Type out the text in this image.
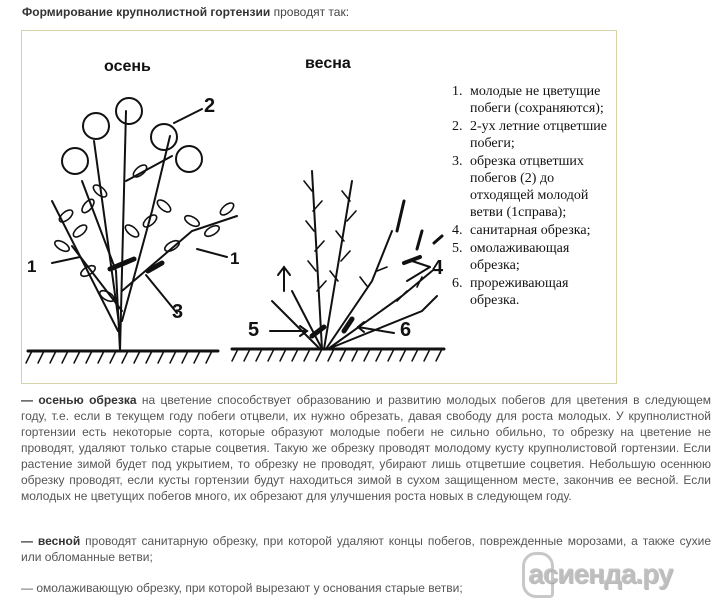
Формирование крупнолистной гортензии проводят так:
осень	весна
1
2
3
1	4
5	6
1. молодые не цветущие побеги (сохраняются);
2. 2-ух летние отцветшие побеги;
3. обрезка отцветших побегов (2) до отходящей молодой ветви (1справа);
4. санитарная обрезка;
5. омолаживающая обрезка;
6. прореживающая обрезка.

— осенью обрезка на цветение способствует образованию и развитию молодых побегов для цветения в следующем году, т.е. если в текущем году побеги отцвели, их нужно обрезать, давая свободу для роста молодых. У крупнолистной гортензии есть некоторые сорта, которые образуют молодые побеги не сильно обильно, то обрезку на цветение не проводят, удаляют только старые соцветия. Такую же обрезку проводят молодому кусту крупнолистовой гортензии. Если растение зимой будет под укрытием, то обрезку не проводят, убирают лишь отцветшие соцветия. Небольшую осеннюю обрезку проводят, если кусты гортензии будут находиться зимой в сухом защищенном месте, закончив ее весной. Если молодых не цветущих побегов много, их обрезают для улучшения роста новых в следующем году.

— весной проводят санитарную обрезку, при которой удаляют концы побегов, поврежденные морозами, а также сухие или обломанные ветви;

— омолаживающую обрезку, при которой вырезают у основания старые ветви;	асиенда.ру
